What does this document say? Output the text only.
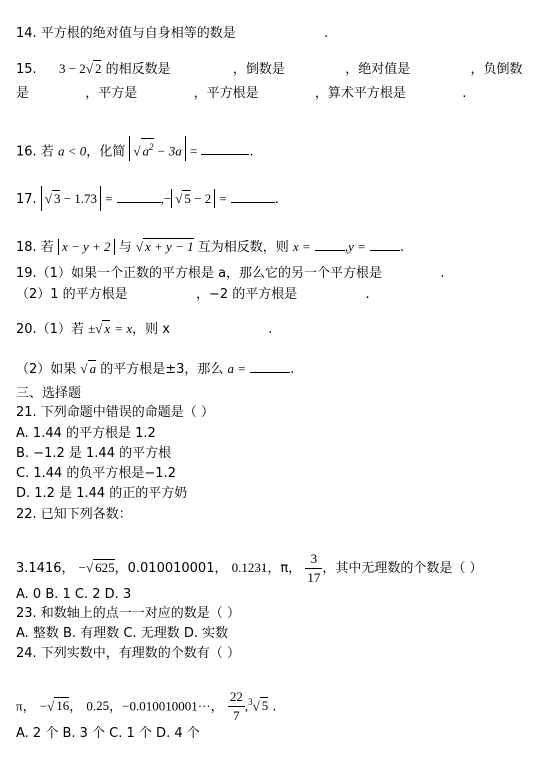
14. 平方根的绝对值与自身相等的数是	.
15. 3 − 2√ 2 的相反数是	，倒数是	，绝对值是	，负倒数
是	，平方是	，平方根是	，算术平方根是	.
16. 若 a < 0，化简 √ $a^2 - 3a$ =	.
17. √ 3 − 1.73 =	,− √ 5 − 2 =	.
18. 若 x − y + 2 与 √ x + y − 1 互为相反数，则 x =	,y =	.
19.（1）如果一个正数的平方根是 a，那么它的另一个平方根是	.
（2）1 的平方根是	，−2 的平方根是	.
20.（1）若 ±√ x = x，则 x	.
（2）如果 √ a 的平方根是±3，那么 a =	.
三、选择题
21. 下列命题中错误的命题是（ ）
A. 1.44 的平方根是 1.2
B. −1.2 是 1.44 的平方根
C. 1.44 的负平方根是−1.2
D. 1.2 是 1.44 的正的平方奶
22. 已知下列各数：
3.1416， −√ 625，0.010010001， 0.12· 3· 1，π， $\frac{3}{17}$ ，其中无理数的个数是（ ）
A. 0 B. 1 C. 2 D. 3
23. 和数轴上的点一一对应的数是（ ）
A. 整数 B. 有理数 C. 无理数 D. 实数
24. 下列实数中，有理数的个数有（ ）
π， −√ 16， 0.· 2· 5，−0.010010001···， $\frac{22}{7} ,^3√$ 5 .
A. 2 个 B. 3 个 C. 1 个 D. 4 个
